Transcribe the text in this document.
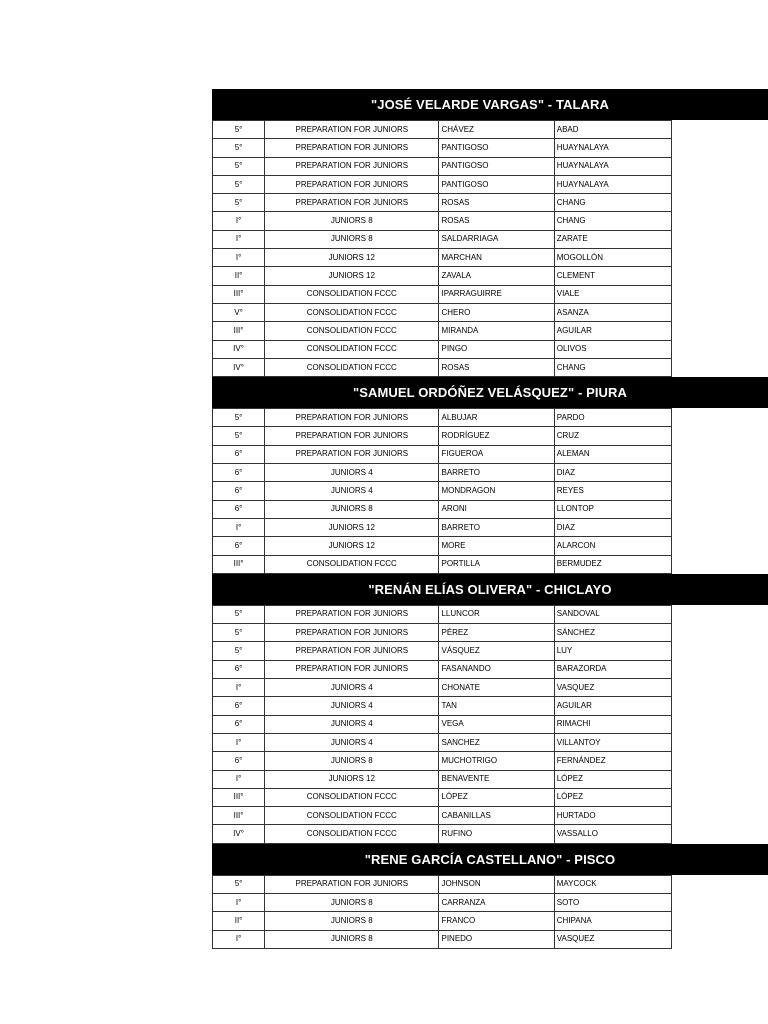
"JOSÉ VELARDE VARGAS" - TALARA
5°	PREPARATION FOR JUNIORS	CHÁVEZ	ABAD
5°	PREPARATION FOR JUNIORS	PANTIGOSO	HUAYNALAYA
5°	PREPARATION FOR JUNIORS	PANTIGOSO	HUAYNALAYA
5°	PREPARATION FOR JUNIORS	PANTIGOSO	HUAYNALAYA
5°	PREPARATION FOR JUNIORS	ROSAS	CHANG
I°	JUNIORS 8	ROSAS	CHANG
I°	JUNIORS 8	SALDARRIAGA	ZARATE
I°	JUNIORS 12	MARCHAN	MOGOLLÓN
II°	JUNIORS 12	ZAVALA	CLEMENT
III°	CONSOLIDATION FCCC	IPARRAGUIRRE	VIALE
V°	CONSOLIDATION FCCC	CHERO	ASANZA
III°	CONSOLIDATION FCCC	MIRANDA	AGUILAR
IV°	CONSOLIDATION FCCC	PINGO	OLIVOS
IV°	CONSOLIDATION FCCC	ROSAS	CHANG
"SAMUEL ORDÓÑEZ VELÁSQUEZ" - PIURA
5°	PREPARATION FOR JUNIORS	ALBUJAR	PARDO
5°	PREPARATION FOR JUNIORS	RODRÍGUEZ	CRUZ
6°	PREPARATION FOR JUNIORS	FIGUEROA	ALEMAN
6°	JUNIORS 4	BARRETO	DIAZ
6°	JUNIORS 4	MONDRAGON	REYES
6°	JUNIORS 8	ARONI	LLONTOP
I°	JUNIORS 12	BARRETO	DIAZ
6°	JUNIORS 12	MORE	ALARCON
III°	CONSOLIDATION FCCC	PORTILLA	BERMUDEZ
"RENÁN ELÍAS OLIVERA" - CHICLAYO
5°	PREPARATION FOR JUNIORS	LLUNCOR	SANDOVAL
5°	PREPARATION FOR JUNIORS	PÉREZ	SÁNCHEZ
5°	PREPARATION FOR JUNIORS	VÁSQUEZ	LUY
6°	PREPARATION FOR JUNIORS	FASANANDO	BARAZORDA
I°	JUNIORS 4	CHONATE	VASQUEZ
6°	JUNIORS 4	TAN	AGUILAR
6°	JUNIORS 4	VEGA	RIMACHI
I°	JUNIORS 4	SANCHEZ	VILLANTOY
6°	JUNIORS 8	MUCHOTRIGO	FERNÁNDEZ
I°	JUNIORS 12	BENAVENTE	LÓPEZ
III°	CONSOLIDATION FCCC	LÓPEZ	LÓPEZ
III°	CONSOLIDATION FCCC	CABANILLAS	HURTADO
IV°	CONSOLIDATION FCCC	RUFINO	VASSALLO
"RENE GARCÍA CASTELLANO" - PISCO
5°	PREPARATION FOR JUNIORS	JOHNSON	MAYCOCK
I°	JUNIORS 8	CARRANZA	SOTO
II°	JUNIORS 8	FRANCO	CHIPANA
I°	JUNIORS 8	PINEDO	VASQUEZ
